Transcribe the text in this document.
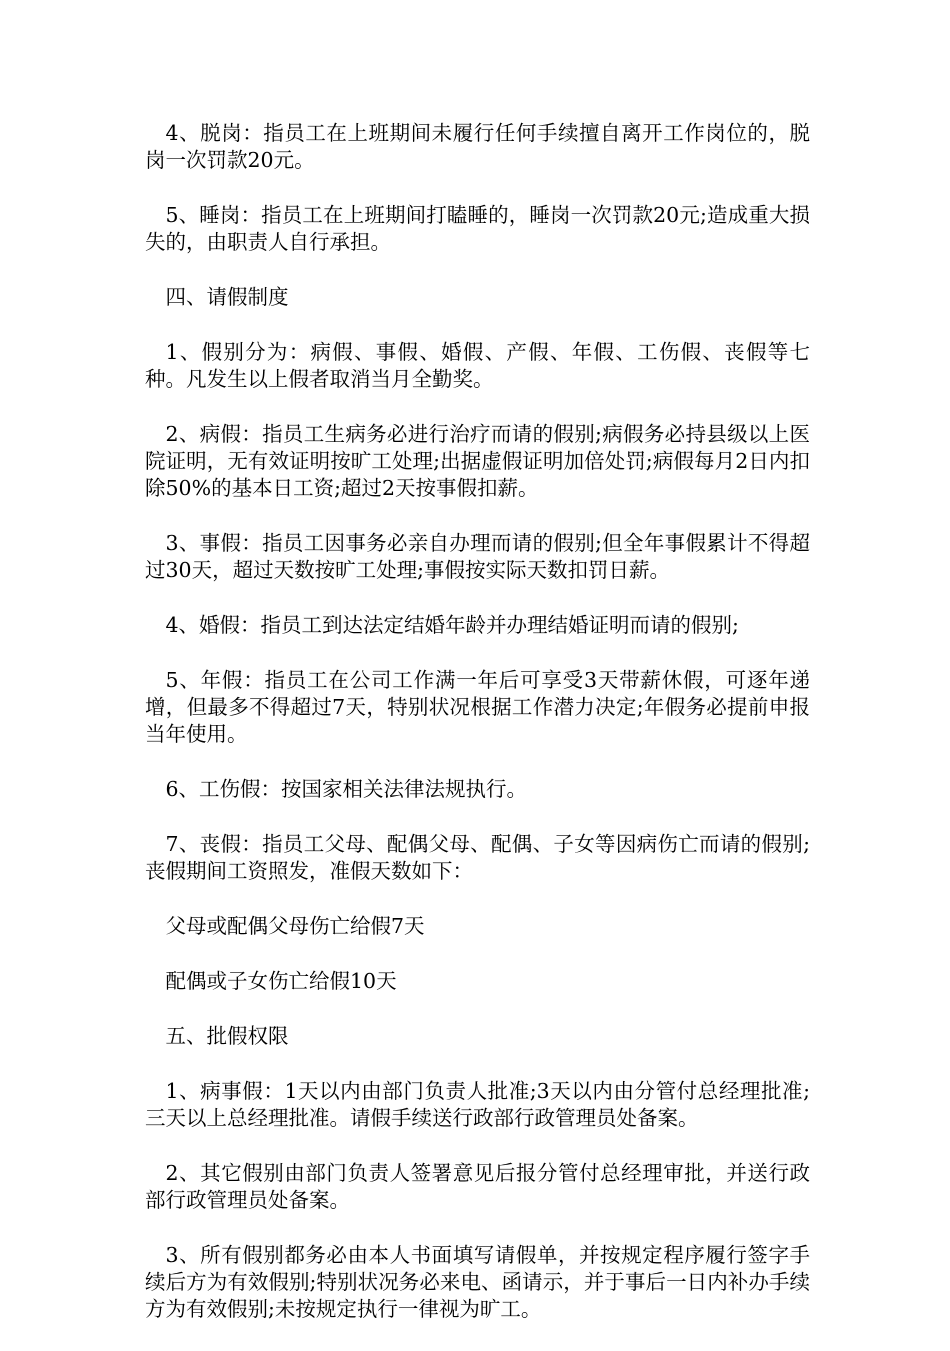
4、脱岗：指员工在上班期间未履行任何手续擅自离开工作岗位的，脱岗一次罚款20元。

5、睡岗：指员工在上班期间打瞌睡的，睡岗一次罚款20元;造成重大损失的，由职责人自行承担。

四、请假制度

1、假别分为：病假、事假、婚假、产假、年假、工伤假、丧假等七种。凡发生以上假者取消当月全勤奖。

2、病假：指员工生病务必进行治疗而请的假别;病假务必持县级以上医院证明，无有效证明按旷工处理;出据虚假证明加倍处罚;病假每月2日内扣除50%的基本日工资;超过2天按事假扣薪。

3、事假：指员工因事务必亲自办理而请的假别;但全年事假累计不得超过30天，超过天数按旷工处理;事假按实际天数扣罚日薪。

4、婚假：指员工到达法定结婚年龄并办理结婚证明而请的假别;

5、年假：指员工在公司工作满一年后可享受3天带薪休假，可逐年递增，但最多不得超过7天，特别状况根据工作潜力决定;年假务必提前申报当年使用。

6、工伤假：按国家相关法律法规执行。

7、丧假：指员工父母、配偶父母、配偶、子女等因病伤亡而请的假别;丧假期间工资照发，准假天数如下：

父母或配偶父母伤亡给假7天

配偶或子女伤亡给假10天

五、批假权限

1、病事假：1天以内由部门负责人批准;3天以内由分管付总经理批准;三天以上总经理批准。请假手续送行政部行政管理员处备案。

2、其它假别由部门负责人签署意见后报分管付总经理审批，并送行政部行政管理员处备案。

3、所有假别都务必由本人书面填写请假单，并按规定程序履行签字手续后方为有效假别;特别状况务必来电、函请示，并于事后一日内补办手续方为有效假别;未按规定执行一律视为旷工。
